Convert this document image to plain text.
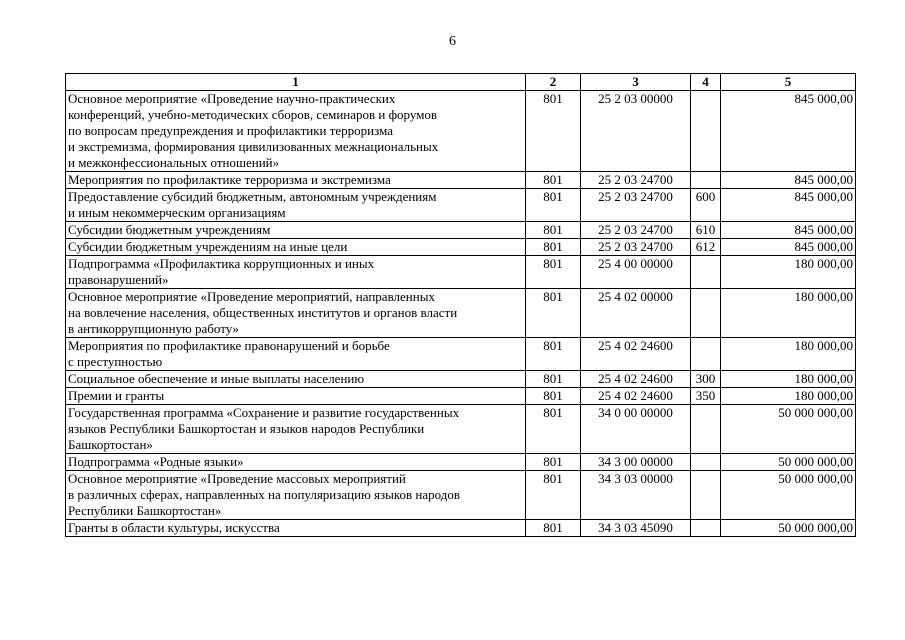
6
1	2	3	4	5
Основное мероприятие «Проведение научно-практических
конференций, учебно-методических сборов, семинаров и форумов
по вопросам предупреждения и профилактики терроризма
и экстремизма, формирования цивилизованных межнациональных
и межконфессиональных отношений»	801	25 2 03 00000		845 000,00
Мероприятия по профилактике терроризма и экстремизма	801	25 2 03 24700		845 000,00
Предоставление субсидий бюджетным, автономным учреждениям
и иным некоммерческим организациям	801	25 2 03 24700	600	845 000,00
Субсидии бюджетным учреждениям	801	25 2 03 24700	610	845 000,00
Субсидии бюджетным учреждениям на иные цели	801	25 2 03 24700	612	845 000,00
Подпрограмма «Профилактика коррупционных и иных
правонарушений»	801	25 4 00 00000		180 000,00
Основное мероприятие «Проведение мероприятий, направленных
на вовлечение населения, общественных институтов и органов власти
в антикоррупционную работу»	801	25 4 02 00000		180 000,00
Мероприятия по профилактике правонарушений и борьбе
с преступностью	801	25 4 02 24600		180 000,00
Социальное обеспечение и иные выплаты населению	801	25 4 02 24600	300	180 000,00
Премии и гранты	801	25 4 02 24600	350	180 000,00
Государственная программа «Сохранение и развитие государственных
языков Республики Башкортостан и языков народов Республики
Башкортостан»	801	34 0 00 00000		50 000 000,00
Подпрограмма «Родные языки»	801	34 3 00 00000		50 000 000,00
Основное мероприятие «Проведение массовых мероприятий
в различных сферах, направленных на популяризацию языков народов
Республики Башкортостан»	801	34 3 03 00000		50 000 000,00
Гранты в области культуры, искусства	801	34 3 03 45090		50 000 000,00
